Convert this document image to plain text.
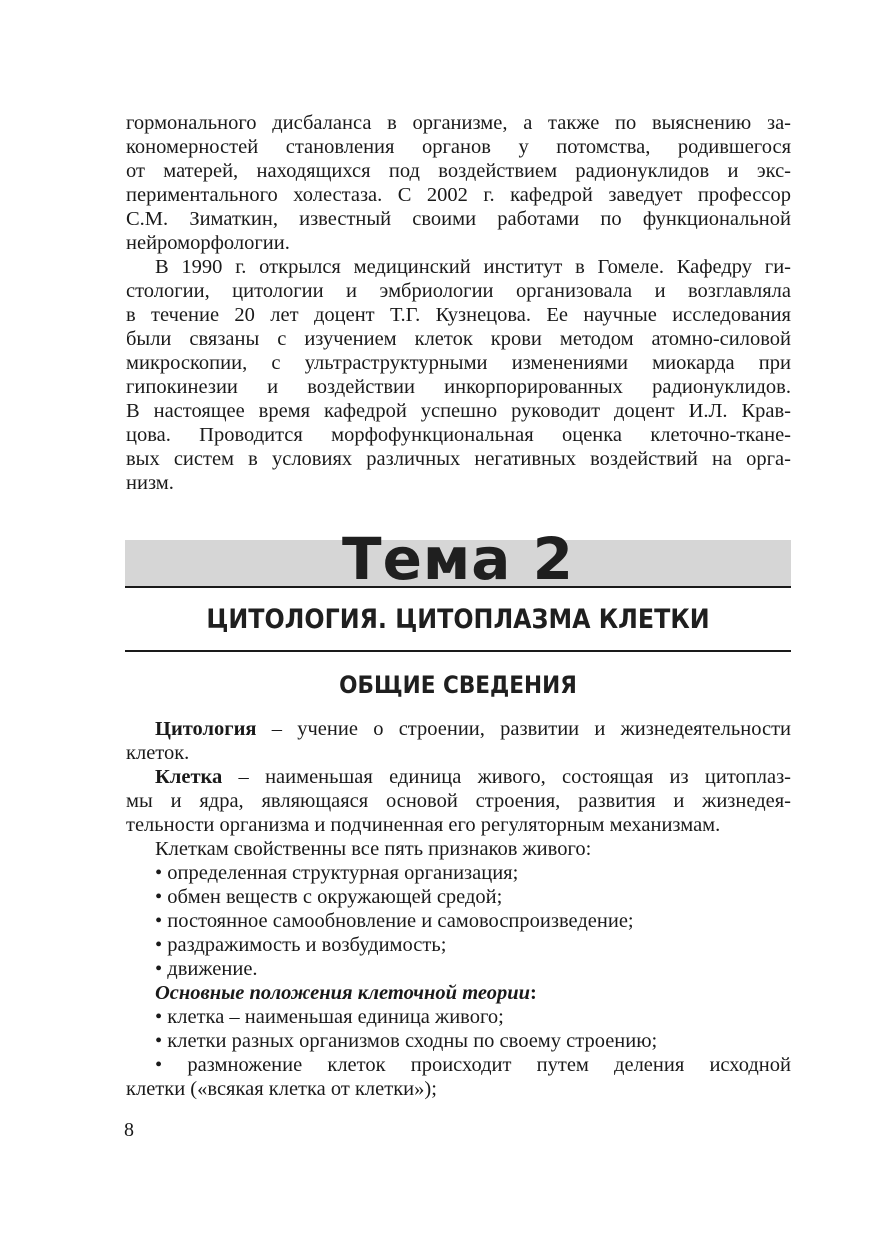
гормонального дисбаланса в организме, а также по выяснению за-
кономерностей становления органов у потомства, родившегося
от матерей, находящихся под воздействием радионуклидов и экс-
периментального холестаза. С 2002 г. кафедрой заведует профессор
С.М. Зиматкин, известный своими работами по функциональной
нейроморфологии.
В 1990 г. открылся медицинский институт в Гомеле. Кафедру ги-
стологии, цитологии и эмбриологии организовала и возглавляла
в течение 20 лет доцент Т.Г. Кузнецова. Ее научные исследования
были связаны с изучением клеток крови методом атомно-силовой
микроскопии, с ультраструктурными изменениями миокарда при
гипокинезии и воздействии инкорпорированных радионуклидов.
В настоящее время кафедрой успешно руководит доцент И.Л. Крав-
цова. Проводится морфофункциональная оценка клеточно-ткане-
вых систем в условиях различных негативных воздействий на орга-
низм.
Тема 2
ЦИТОЛОГИЯ. ЦИТОПЛАЗМА КЛЕТКИ
ОБЩИЕ СВЕДЕНИЯ
Цитология – учение о строении, развитии и жизнедеятельности
клеток.
Клетка – наименьшая единица живого, состоящая из цитоплаз-
мы и ядра, являющаяся основой строения, развития и жизнедея-
тельности организма и подчиненная его регуляторным механизмам.
Клеткам свойственны все пять признаков живого:
• определенная структурная организация;
• обмен веществ с окружающей средой;
• постоянное самообновление и самовоспроизведение;
• раздражимость и возбудимость;
• движение.
Основные положения клеточной теории:
• клетка – наименьшая единица живого;
• клетки разных организмов сходны по своему строению;
• размножение клеток происходит путем деления исходной
клетки («всякая клетка от клетки»);
8
